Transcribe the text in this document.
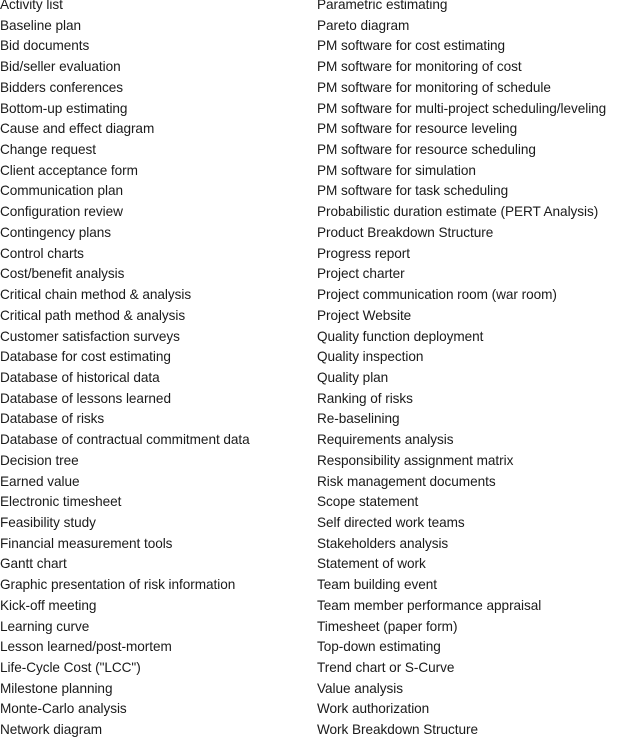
Activity list
Baseline plan
Bid documents
Bid/seller evaluation
Bidders conferences
Bottom-up estimating
Cause and effect diagram
Change request
Client acceptance form
Communication plan
Configuration review
Contingency plans
Control charts
Cost/benefit analysis
Critical chain method & analysis
Critical path method & analysis
Customer satisfaction surveys
Database for cost estimating
Database of historical data
Database of lessons learned
Database of risks
Database of contractual commitment data
Decision tree
Earned value
Electronic timesheet
Feasibility study
Financial measurement tools
Gantt chart
Graphic presentation of risk information
Kick-off meeting
Learning curve
Lesson learned/post-mortem
Life-Cycle Cost ("LCC")
Milestone planning
Monte-Carlo analysis
Network diagram
Parametric estimating
Pareto diagram
PM software for cost estimating
PM software for monitoring of cost
PM software for monitoring of schedule
PM software for multi-project scheduling/leveling
PM software for resource leveling
PM software for resource scheduling
PM software for simulation
PM software for task scheduling
Probabilistic duration estimate (PERT Analysis)
Product Breakdown Structure
Progress report
Project charter
Project communication room (war room)
Project Website
Quality function deployment
Quality inspection
Quality plan
Ranking of risks
Re-baselining
Requirements analysis
Responsibility assignment matrix
Risk management documents
Scope statement
Self directed work teams
Stakeholders analysis
Statement of work
Team building event
Team member performance appraisal
Timesheet (paper form)
Top-down estimating
Trend chart or S-Curve
Value analysis
Work authorization
Work Breakdown Structure
